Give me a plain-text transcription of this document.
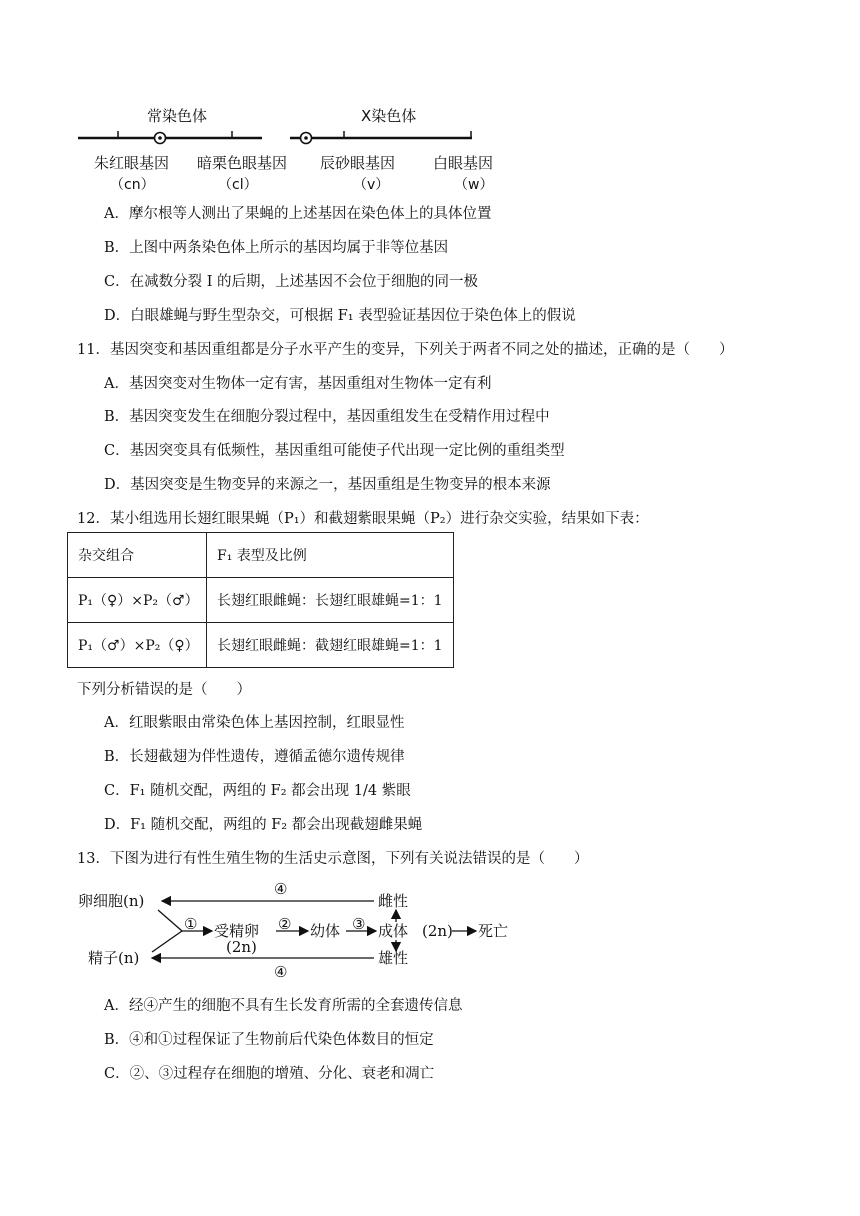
常染色体	X染色体
朱红眼基因
（cn）
暗栗色眼基因
（cl）
辰砂眼基因
（v）
白眼基因
（w）
A．摩尔根等人测出了果蝇的上述基因在染色体上的具体位置
B．上图中两条染色体上所示的基因均属于非等位基因
C．在减数分裂 I 的后期，上述基因不会位于细胞的同一极
D．白眼雄蝇与野生型杂交，可根据 F₁ 表型验证基因位于染色体上的假说
11．基因突变和基因重组都是分子水平产生的变异，下列关于两者不同之处的描述，正确的是（　　）
A．基因突变对生物体一定有害，基因重组对生物体一定有利
B．基因突变发生在细胞分裂过程中，基因重组发生在受精作用过程中
C．基因突变具有低频性，基因重组可能使子代出现一定比例的重组类型
D．基因突变是生物变异的来源之一，基因重组是生物变异的根本来源
12．某小组选用长翅红眼果蝇（P₁）和截翅紫眼果蝇（P₂）进行杂交实验，结果如下表：
杂交组合	F₁ 表型及比例
P₁（♀）×P₂（♂）	长翅红眼雌蝇：长翅红眼雄蝇=1：1
P₁（♂）×P₂（♀）	长翅红眼雌蝇：截翅红眼雄蝇=1：1
下列分析错误的是（　　）
A．红眼紫眼由常染色体上基因控制，红眼显性
B．长翅截翅为伴性遗传，遵循孟德尔遗传规律
C．F₁ 随机交配，两组的 F₂ 都会出现 1/4 紫眼
D．F₁ 随机交配，两组的 F₂ 都会出现截翅雌果蝇
13．下图为进行有性生殖生物的生活史示意图，下列有关说法错误的是（　　）
卵细胞(n)
精子(n)
① 受精卵
(2n)
② 幼体 ③ 成体 (2n) 死亡
雌性
雄性
④
④
A．经④产生的细胞不具有生长发育所需的全套遗传信息
B．④和①过程保证了生物前后代染色体数目的恒定
C．②、③过程存在细胞的增殖、分化、衰老和凋亡
